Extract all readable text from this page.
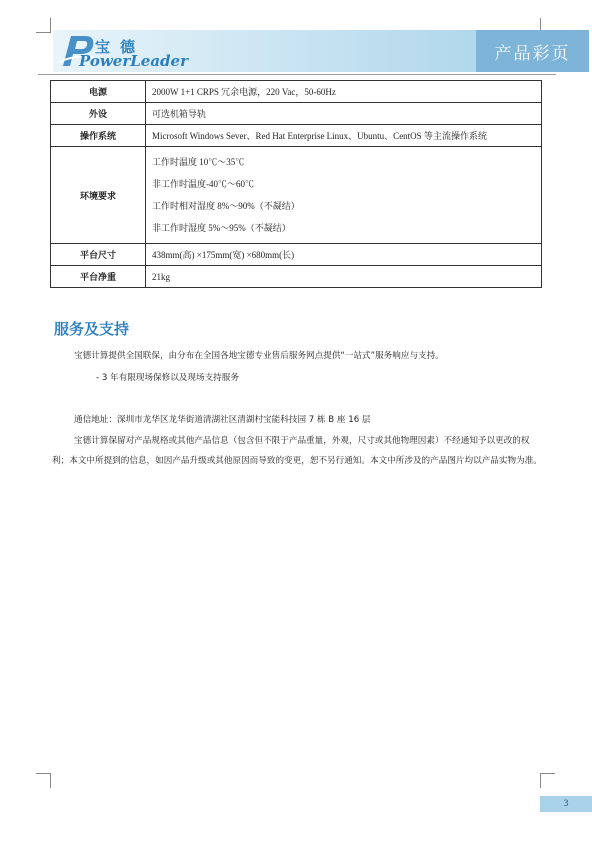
宝德
PowerLeader	产品彩页
电源	2000W 1+1 CRPS 冗余电源，220 Vac，50-60Hz
外设	可选机箱导轨
操作系统	Microsoft Windows Sever、Red Hat Enterprise Linux、Ubuntu、CentOS 等主流操作系统
环境要求	工作时温度 10℃～35℃
非工作时温度-40℃～60℃
工作时相对湿度 8%～90%（不凝结）
非工作时湿度 5%～95%（不凝结）

平台尺寸	438mm(高) ×175mm(宽) ×680mm(长)
平台净重	21kg
服务及支持
宝德计算提供全国联保，由分布在全国各地宝德专业售后服务网点提供“一站式”服务响应与支持。
- 3 年有限现场保修以及现场支持服务
通信地址：深圳市龙华区龙华街道清湖社区清湖村宝能科技园 7 栋 B 座 16 层
宝德计算保留对产品规格或其他产品信息（包含但不限于产品重量，外观，尺寸或其他物理因素）不经通知予以更改的权利；本文中所提到的信息，如因产品升级或其他原因而导致的变更，恕不另行通知。本文中所涉及的产品图片均以产品实物为准。
3
